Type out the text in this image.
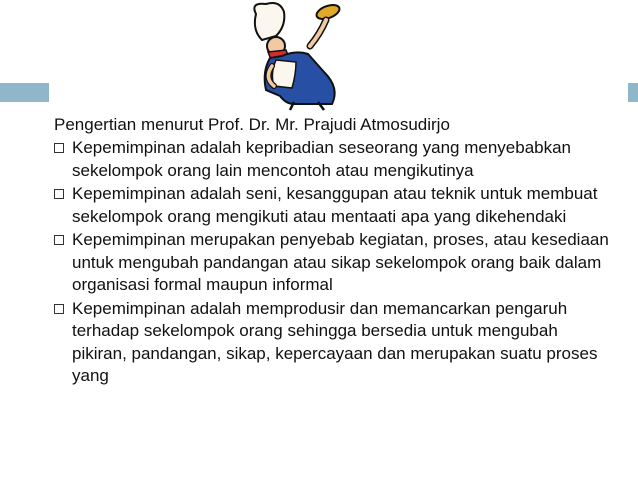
Pengertian menurut Prof. Dr. Mr. Prajudi Atmosudirjo

Kepemimpinan adalah kepribadian seseorang yang menyebabkan sekelompok orang lain mencontoh atau mengikutinya
Kepemimpinan adalah seni, kesanggupan atau teknik untuk membuat sekelompok orang mengikuti atau mentaati apa yang dikehendaki
Kepemimpinan merupakan penyebab kegiatan, proses, atau kesediaan untuk mengubah pandangan atau sikap sekelompok orang baik dalam organisasi formal maupun informal
Kepemimpinan adalah memprodusir dan memancarkan pengaruh terhadap sekelompok orang sehingga bersedia untuk mengubah pikiran, pandangan, sikap, kepercayaan dan merupakan suatu proses yang
